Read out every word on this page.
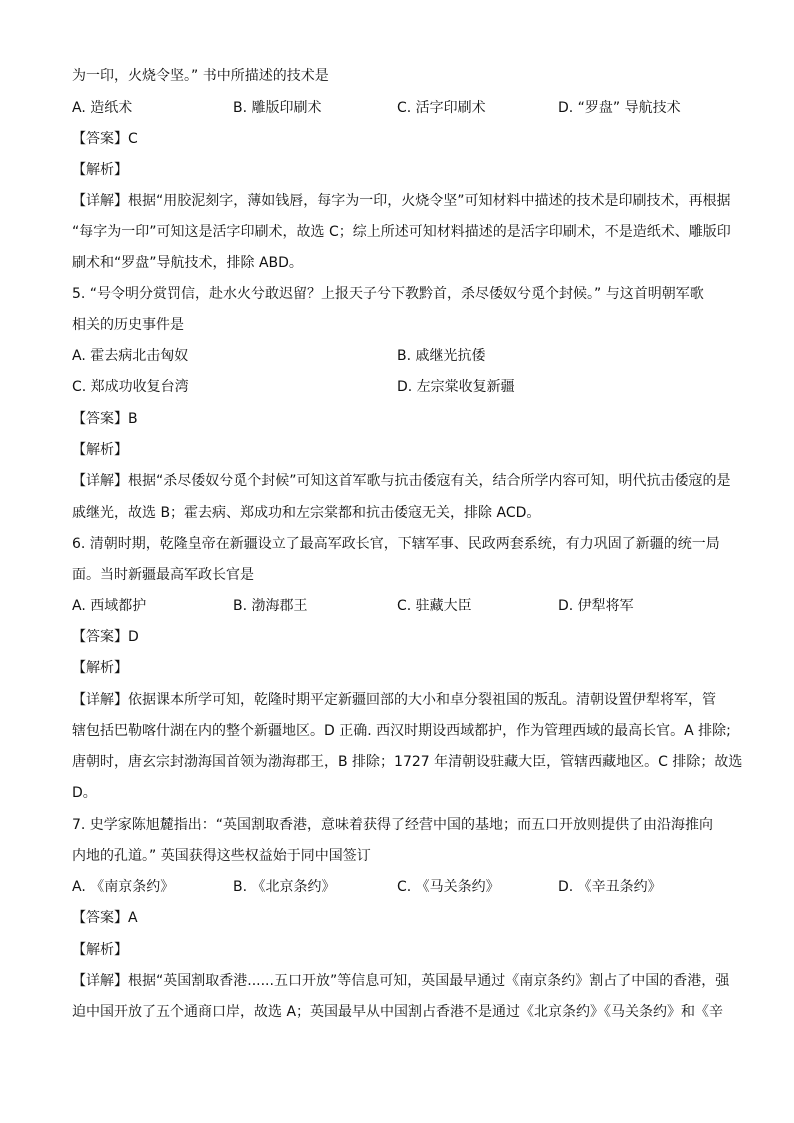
为一印，火烧令坚。” 书中所描述的技术是
A. 造纸术	B. 雕版印刷术	C. 活字印刷术	D. “罗盘” 导航技术
【答案】C
【解析】
【详解】根据“用胶泥刻字，薄如钱唇，每字为一印，火烧令坚”可知材料中描述的技术是印刷技术，再根据
“每字为一印”可知这是活字印刷术，故选 C；综上所述可知材料描述的是活字印刷术，不是造纸术、雕版印
刷术和“罗盘”导航技术，排除 ABD。
5. “号令明分赏罚信，赴水火兮敢迟留？上报天子兮下教黔首，杀尽倭奴兮觅个封候。” 与这首明朝军歌
相关的历史事件是
A. 霍去病北击匈奴	B. 戚继光抗倭
C. 郑成功收复台湾	D. 左宗棠收复新疆
【答案】B
【解析】
【详解】根据“杀尽倭奴兮觅个封候”可知这首军歌与抗击倭寇有关，结合所学内容可知，明代抗击倭寇的是
戚继光，故选 B；霍去病、郑成功和左宗棠都和抗击倭寇无关，排除 ACD。
6. 清朝时期，乾隆皇帝在新疆设立了最高军政长官，下辖军事、民政两套系统，有力巩固了新疆的统一局
面。当时新疆最高军政长官是
A. 西域都护	B. 渤海郡王	C. 驻藏大臣	D. 伊犁将军
【答案】D
【解析】
【详解】依据课本所学可知，乾隆时期平定新疆回部的大小和卓分裂祖国的叛乱。清朝设置伊犁将军，管
辖包括巴勒喀什湖在内的整个新疆地区。D 正确. 西汉时期设西域都护，作为管理西域的最高长官。A 排除;
唐朝时，唐玄宗封渤海国首领为渤海郡王，B 排除；1727 年清朝设驻藏大臣，管辖西藏地区。C 排除；故选
D。
7. 史学家陈旭麓指出：“英国割取香港，意味着获得了经营中国的基地；而五口开放则提供了由沿海推向
内地的孔道。” 英国获得这些权益始于同中国签订
A. 《南京条约》	B. 《北京条约》	C. 《马关条约》	D. 《辛丑条约》
【答案】A
【解析】
【详解】根据“英国割取香港......五口开放”等信息可知，英国最早通过《南京条约》割占了中国的香港，强
迫中国开放了五个通商口岸，故选 A；英国最早从中国割占香港不是通过《北京条约》《马关条约》和《辛
